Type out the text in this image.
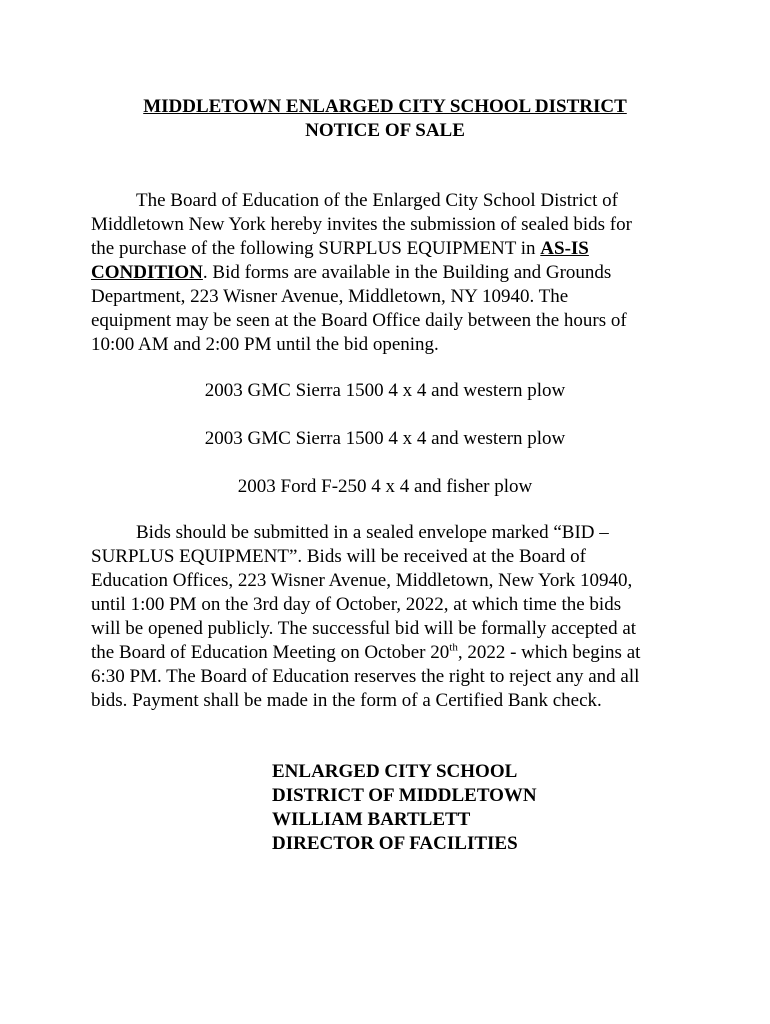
MIDDLETOWN ENLARGED CITY SCHOOL DISTRICT
NOTICE OF SALE
The Board of Education of the Enlarged City School District of
Middletown New York hereby invites the submission of sealed bids for
the purchase of the following SURPLUS EQUIPMENT in AS-IS
CONDITION. Bid forms are available in the Building and Grounds
Department, 223 Wisner Avenue, Middletown, NY 10940. The
equipment may be seen at the Board Office daily between the hours of
10:00 AM and 2:00 PM until the bid opening.
2003 GMC Sierra 1500 4 x 4 and western plow
2003 GMC Sierra 1500 4 x 4 and western plow
2003 Ford F-250 4 x 4 and fisher plow
Bids should be submitted in a sealed envelope marked “BID –
SURPLUS EQUIPMENT”. Bids will be received at the Board of
Education Offices, 223 Wisner Avenue, Middletown, New York 10940,
until 1:00 PM on the 3rd day of October, 2022, at which time the bids
will be opened publicly. The successful bid will be formally accepted at
the Board of Education Meeting on October 20th, 2022 - which begins at
6:30 PM. The Board of Education reserves the right to reject any and all
bids. Payment shall be made in the form of a Certified Bank check.
ENLARGED CITY SCHOOL
DISTRICT OF MIDDLETOWN
WILLIAM BARTLETT
DIRECTOR OF FACILITIES
